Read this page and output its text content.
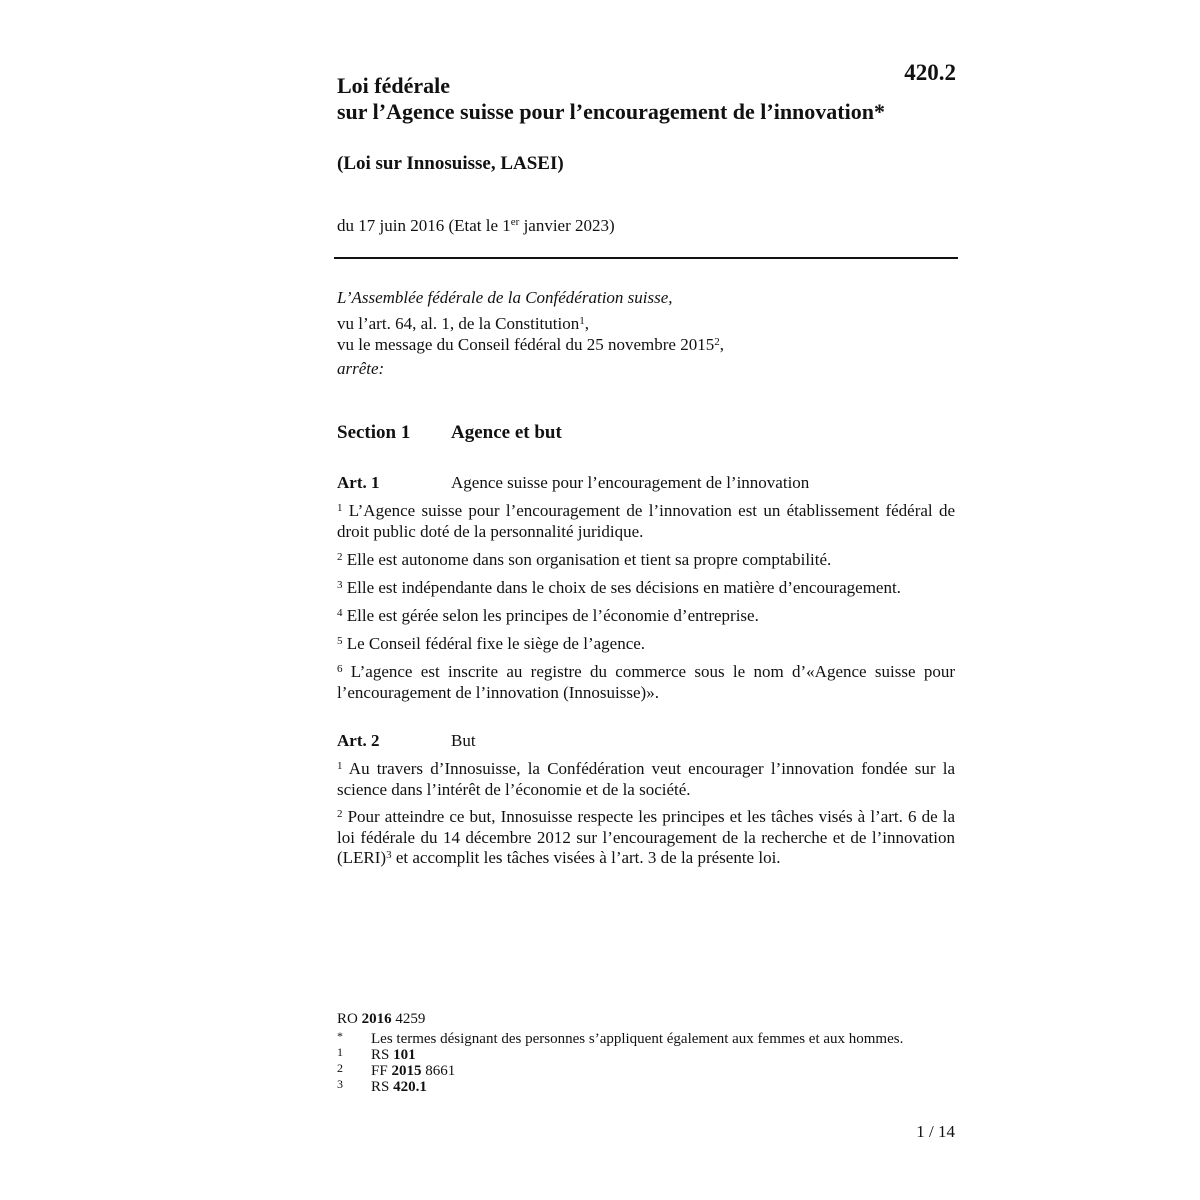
420.2
Loi fédérale
sur l’Agence suisse pour l’encouragement de l’innovation*
(Loi sur Innosuisse, LASEI)
du 17 juin 2016 (Etat le 1er janvier 2023)
L’Assemblée fédérale de la Confédération suisse,
vu l’art. 64, al. 1, de la Constitution$^1$,
vu le message du Conseil fédéral du 25 novembre 2015$^2$,
arrête:
Section 1 Agence et but
Art. 1	Agence suisse pour l’encouragement de l’innovation
$^1$ L’Agence suisse pour l’encouragement de l’innovation est un établissement fédéral de droit public doté de la personnalité juridique.
$^2$ Elle est autonome dans son organisation et tient sa propre comptabilité.
$^3$ Elle est indépendante dans le choix de ses décisions en matière d’encouragement.
$^4$ Elle est gérée selon les principes de l’économie d’entreprise.
$^5$ Le Conseil fédéral fixe le siège de l’agence.
$^6$ L’agence est inscrite au registre du commerce sous le nom d’«Agence suisse pour l’encouragement de l’innovation (Innosuisse)».
Art. 2	But
$^1$ Au travers d’Innosuisse, la Confédération veut encourager l’innovation fondée sur la science dans l’intérêt de l’économie et de la société.
$^2$ Pour atteindre ce but, Innosuisse respecte les principes et les tâches visés à l’art. 6 de la loi fédérale du 14 décembre 2012 sur l’encouragement de la recherche et de l’innovation (LERI)$^3$ et accomplit les tâches visées à l’art. 3 de la présente loi.
RO 2016 4259
* Les termes désignant des personnes s’appliquent également aux femmes et aux hommes.
1 RS 101
2 FF 2015 8661
3 RS 420.1
1 / 14
